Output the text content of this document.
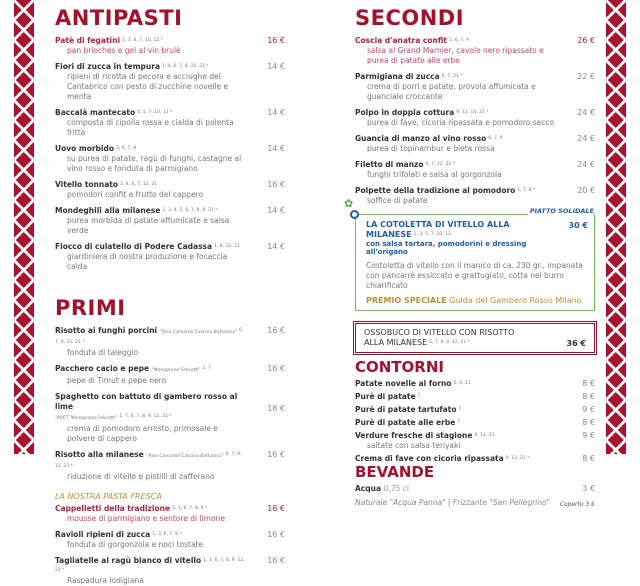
ANTIPASTI
Patè di fegatini $^{1, 3, 6, 7, 10, 12 *}$
pan brioches e gel al vin brulè
16 €
Fiori di zucca in tempura $^{1, 4, 6, 7, 8, 10, 21 *}$
ripieni di ricotta di pecora e acciughe del Cantabrico con pesto di zucchine novelle e menta
14 €
Baccalà mantecato $^{4, 5, 7, 10, 12 *}$
composta di cipolla rossa e cialda di polenta fritta
14 €
Uovo morbido $^{3, 6, 7, 9}$
su purea di patate, ragù di funghi, castagne al vino rosso e fonduta di parmigiano
14 €
Vitello tonnato $^{3, 4, 6, 7, 12, 21}$
pomodori confit e frutto del cappero
16 €
Mondeghili alla milanese $^{1, 3, 4, 5, 6, 7, 8, 9, 21 *}$
purea morbida di patate affumicate e salsa verde
14 €
Fiocco di culatello di Podere Cadassa $^{1, 8, 12, 21}$
giardiniera di nostra produzione e focaccia calda
14 €
PRIMI
Risotto ai funghi porcini "Riso Carnaroli Cascina Battaiosa" $^{6, 7, 9, 12, 21 *}$
fonduta di taleggio
16 €
Pacchero cacio e pepe "Monograno Felicetti" $^{1, 7}$
pepe di Timut e pepe nero
16 €
Spaghetto con battuto di gambero rosso al lime
"MATT Monograno Felicetti" $^{1, 7, 6, 7, 8, 9, 12, 21 *}$
crema di pomodoro arrosto, primosale e polvere di cappero
18 €
Risotto alla milanese "Riso Carnaroli Cascina Battaiosa" $^{6, 7, 9, 12, 21 *}$
riduzione di vitello e pistilli di zafferano
16 €
LA NOSTRA PASTA FRESCA
Cappelletti della tradizione $^{1, 3, 6, 7, 8, 9 *}$
mousse di parmigiano e sentore di limone
16 €
Ravioli ripieni di zucca $^{1, 3, 6, 7, 8 *}$
fonduta di gorgonzola e noci tostate
16 €
Tagliatelle al ragù bianco di vitello $^{1, 3, 6, 7, 8, 9, 12, 21 *}$
Raspadura lodigiana
16 €
SECONDI
Coscia d'anatra confit $^{5, 6, 7, 9}$
salsa al Grand Marnier, cavolo nero ripassato e purea di patate alle erbe
26 €
Parmigiana di zucca $^{6, 7, 21 *}$
crema di porri e patate, provola affumicata e guanciale croccante
22 €
Polpo in doppia cottura $^{9, 12, 14, 21 *}$
purea di fave, cicoria ripassata e pomodoro secco
24 €
Guancia di manzo al vino rosso $^{6, 7, 9}$
purea di topinambur e bieta rossa
24 €
Filetto di manzo $^{6, 7, 12, 21 *}$
funghi trifolati e salsa al gorgonzola
24 €
Polpette della tradizione al pomodoro $^{1, 7, 8 *}$
soffice di patate
20 €
✿
PIATTO SOLIDALE
LA COTOLETTA DI VITELLO ALLA MILANESE $^{1, 3, 5, 7, 10, 12}$
con salsa tartara, pomodorini e dressing all'origano
30 €
Costoletta di vitello con il manico di ca. 230 gr., impanata con pancarrè essiccato e grattugiato, cotta nel burro chiarificato
PREMIO SPECIALE Guida del Gambero Rosso Milano
OSSOBUCO DI VITELLO CON RISOTTO
ALLA MILANESE $^{6, 7, 8, 9, 12, 21 *}$	36 €
CONTORNI
Patate novelle al forno $^{5, 9, 21}$	8 €
Purè di patate $^7$	8 €
Purè di patate tartufato $^7$	9 €
Purè di patate alle erbe $^7$	8 €
Verdure fresche di stagione $^{9, 12, 21}$
saltate con salsa teriyaki
9 €
Crema di fave con cicoria ripassata $^{9, 12, 21 *}$	8 €
BEVANDE
Acqua 0,75 cl	3 €
Naturale "Acqua Panna" | Frizzante "San Pellegrino"	Coperto 3 €
